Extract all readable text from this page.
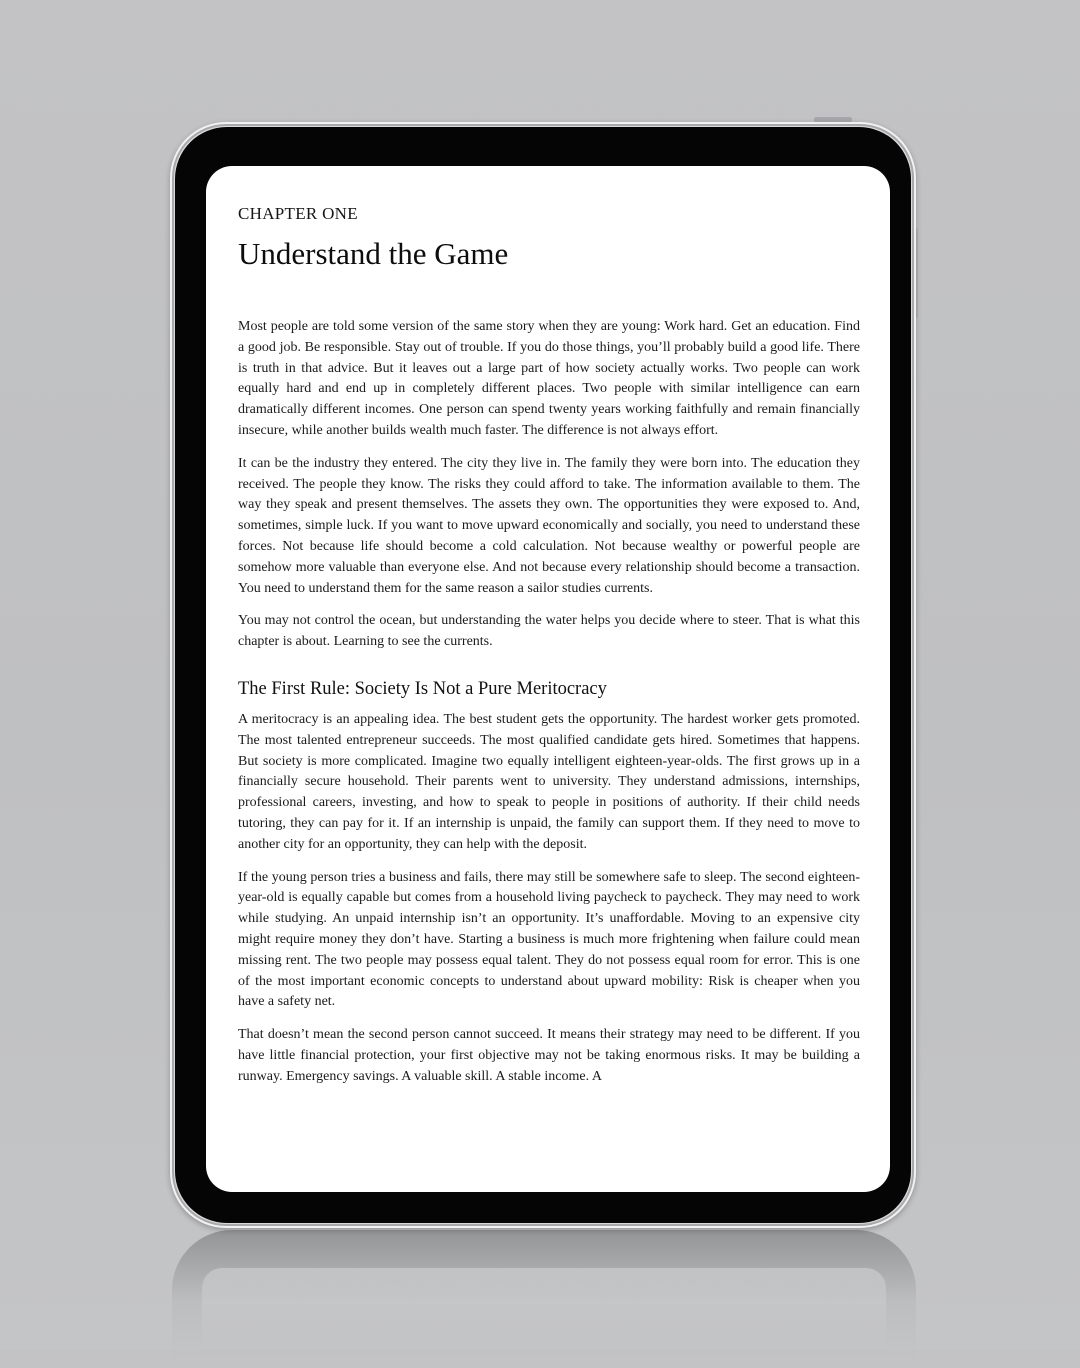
CHAPTER ONE

Understand the Game

Most people are told some version of the same story when they are young: Work hard. Get an education. Find a good job. Be responsible. Stay out of trouble. If you do those things, you’ll probably build a good life. There is truth in that advice. But it leaves out a large part of how society actually works. Two people can work equally hard and end up in completely different places. Two people with similar intelligence can earn dramatically different incomes. One person can spend twenty years working faithfully and remain financially insecure, while another builds wealth much faster. The difference is not always effort.

It can be the industry they entered. The city they live in. The family they were born into. The education they received. The people they know. The risks they could afford to take. The information available to them. The way they speak and present themselves. The assets they own. The opportunities they were exposed to. And, sometimes, simple luck. If you want to move upward economically and socially, you need to understand these forces. Not because life should become a cold calculation. Not because wealthy or powerful people are somehow more valuable than everyone else. And not because every relationship should become a transaction. You need to understand them for the same reason a sailor studies currents.

You may not control the ocean, but understanding the water helps you decide where to steer. That is what this chapter is about. Learning to see the currents.

The First Rule: Society Is Not a Pure Meritocracy

A meritocracy is an appealing idea. The best student gets the opportunity. The hardest worker gets promoted. The most talented entrepreneur succeeds. The most qualified candidate gets hired. Sometimes that happens. But society is more complicated. Imagine two equally intelligent eighteen-year-olds. The first grows up in a financially secure household. Their parents went to university. They understand admissions, internships, professional careers, investing, and how to speak to people in positions of authority. If their child needs tutoring, they can pay for it. If an internship is unpaid, the family can support them. If they need to move to another city for an opportunity, they can help with the deposit.

If the young person tries a business and fails, there may still be somewhere safe to sleep. The second eighteen-year-old is equally capable but comes from a household living paycheck to paycheck. They may need to work while studying. An unpaid internship isn’t an opportunity. It’s unaffordable. Moving to an expensive city might require money they don’t have. Starting a business is much more frightening when failure could mean missing rent. The two people may possess equal talent. They do not possess equal room for error. This is one of the most important economic concepts to understand about upward mobility: Risk is cheaper when you have a safety net.

That doesn’t mean the second person cannot succeed. It means their strategy may need to be different. If you have little financial protection, your first objective may not be taking enormous risks. It may be building a runway. Emergency savings. A valuable skill. A stable income. A
